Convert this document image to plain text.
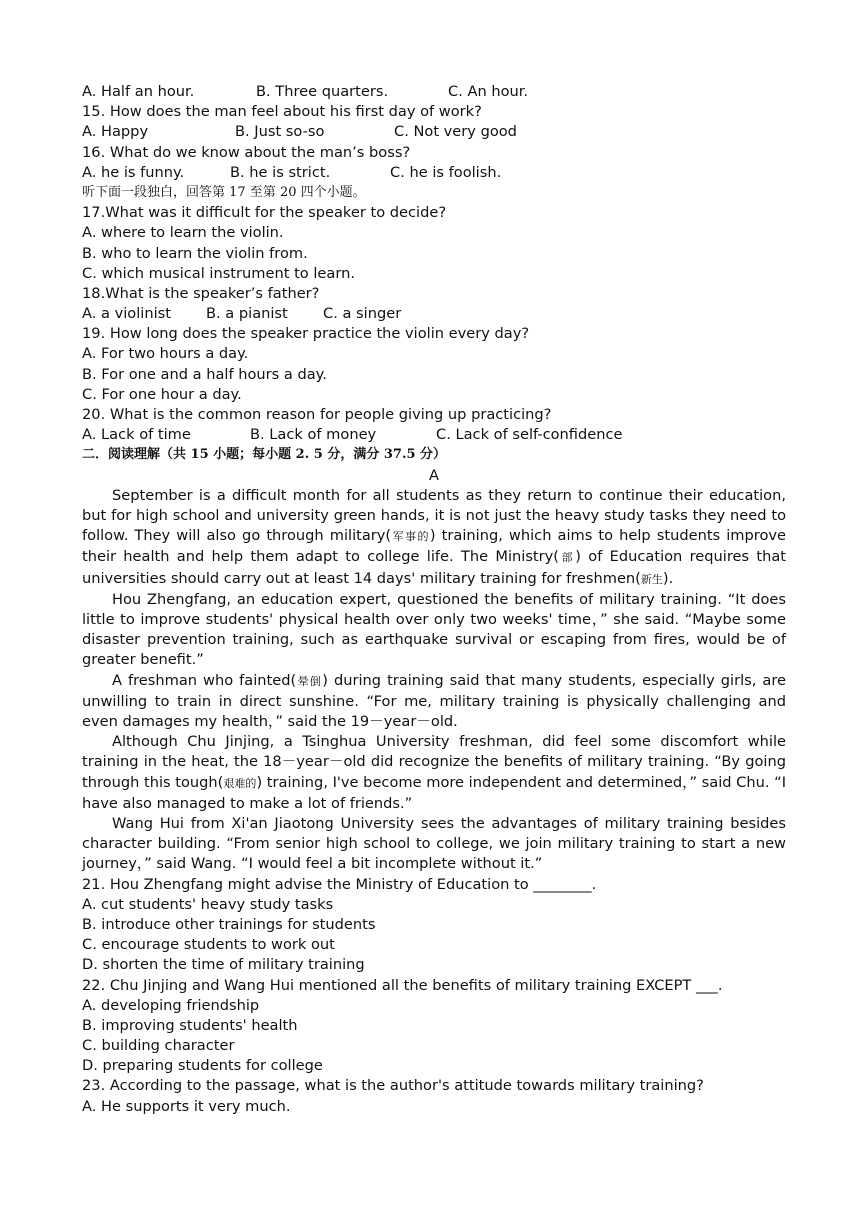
A. Half an hour.	B. Three quarters.	C. An hour.
15. How does the man feel about his first day of work?
A. Happy	B. Just so-so	C. Not very good
16. What do we know about the man’s boss?
A. he is funny.	B. he is strict.	C. he is foolish.
听下面一段独白，回答第 17 至第 20 四个小题。
17.What was it difficult for the speaker to decide?
A. where to learn the violin.
B. who to learn the violin from.
C. which musical instrument to learn.
18.What is the speaker’s father?
A. a violinist B. a pianist C. a singer
19. How long does the speaker practice the violin every day?
A. For two hours a day.
B. For one and a half hours a day.
C. For one hour a day.
20. What is the common reason for people giving up practicing?
A. Lack of time	B. Lack of money	C. Lack of self-confidence
二．阅读理解（共 15 小题；每小题 2. 5 分，满分 37.5 分）
A

September is a difficult month for all students as they return to continue their education, but for high school and university green hands, it is not just the heavy study tasks they need to follow. They will also go through military(军事的) training, which aims to help students improve their health and help them adapt to college life. The Ministry(部) of Education requires that universities should carry out at least 14 days' military training for freshmen(新生).

Hou Zhengfang, an education expert, questioned the benefits of military training. “It does little to improve students' physical health over only two weeks' time，” she said. “Maybe some disaster prevention training, such as earthquake survival or escaping from fires, would be of greater benefit.”

A freshman who fainted(晕倒) during training said that many students, especially girls, are unwilling to train in direct sunshine. “For me, military training is physically challenging and even damages my health，” said the 19－year－old.

Although Chu Jinjing, a Tsinghua University freshman, did feel some discomfort while training in the heat, the 18－year－old did recognize the benefits of military training. “By going through this tough(艰难的) training, I've become more independent and determined，” said Chu. “I have also managed to make a lot of friends.”

Wang Hui from Xi'an Jiaotong University sees the advantages of military training besides character building. “From senior high school to college, we join military training to start a new journey，” said Wang. “I would feel a bit incomplete without it.”

21. Hou Zhengfang might advise the Ministry of Education to ________.
A. cut students' heavy study tasks
B. introduce other trainings for students
C. encourage students to work out
D. shorten the time of military training
22. Chu Jinjing and Wang Hui mentioned all the benefits of military training EXCEPT ___.
A. developing friendship
B. improving students' health
C. building character
D. preparing students for college
23. According to the passage, what is the author's attitude towards military training?
A. He supports it very much.
